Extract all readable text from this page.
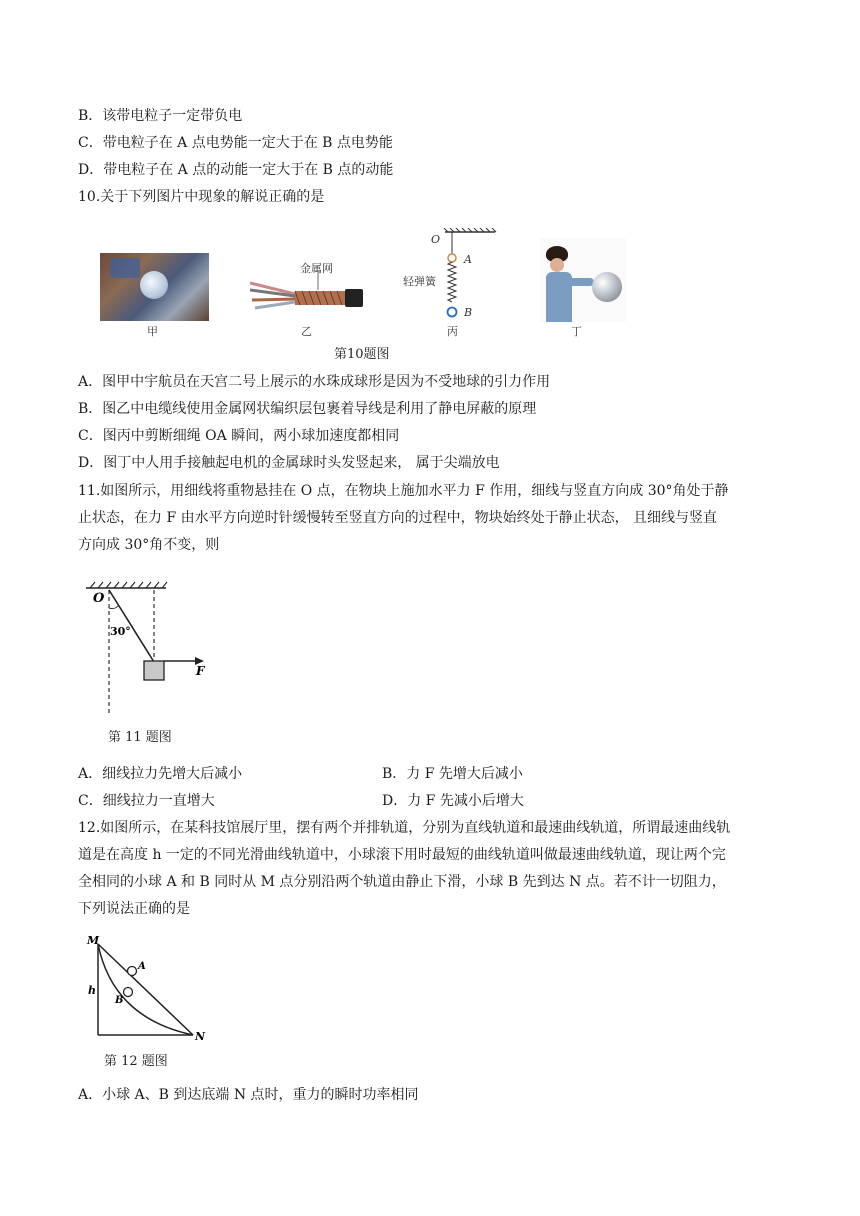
B．该带电粒子一定带负电
C．带电粒子在 A 点电势能一定大于在 B 点电势能
D．带电粒子在 A 点的动能一定大于在 B 点的动能
10.关于下列图片中现象的解说正确的是
甲
金属网
乙
O
A
B
轻弹簧
丙	丁
第10题图
A．图甲中宇航员在天宫二号上展示的水珠成球形是因为不受地球的引力作用
B．图乙中电缆线使用金属网状编织层包裹着导线是利用了静电屏蔽的原理
C．图丙中剪断细绳 OA 瞬间，两小球加速度都相同
D．图丁中人用手接触起电机的金属球时头发竖起来， 属于尖端放电
11.如图所示，用细线将重物悬挂在 O 点，在物块上施加水平力 F 作用，细线与竖直方向成 30°角处于静
止状态，在力 F 由水平方向逆时针缓慢转至竖直方向的过程中，物块始终处于静止状态， 且细线与竖直
方向成 30°角不变，则
O
30°
F
第 11 题图
A．细线拉力先增大后减小	B．力 F 先增大后减小
C．细线拉力一直增大	D．力 F 先减小后增大
12.如图所示，在某科技馆展厅里，摆有两个并排轨道，分别为直线轨道和最速曲线轨道，所谓最速曲线轨
道是在高度 h 一定的不同光滑曲线轨道中，小球滚下用时最短的曲线轨道叫做最速曲线轨道，现让两个完
全相同的小球 A 和 B 同时从 M 点分别沿两个轨道由静止下滑，小球 B 先到达 N 点。若不计一切阻力，
下列说法正确的是
M
h
A
B
N
第 12 题图
A．小球 A、B 到达底端 N 点时，重力的瞬时功率相同
